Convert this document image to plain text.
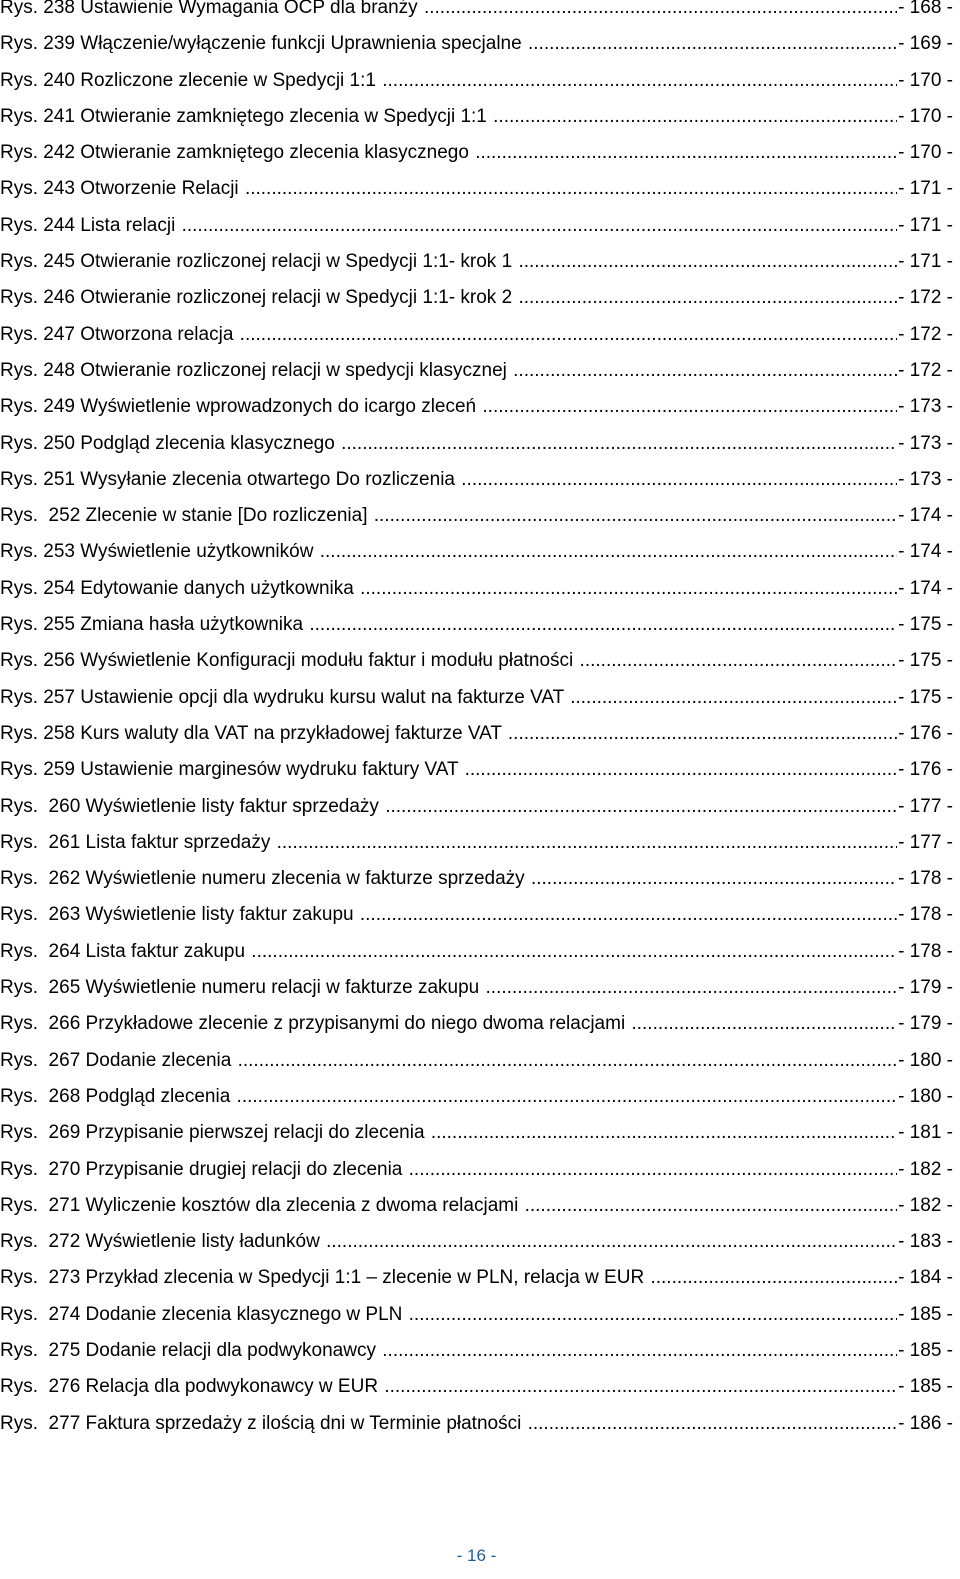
Rys. 238 Ustawienie Wymagania OCP dla branży .....	- 168 -
Rys. 239 Włączenie/wyłączenie funkcji Uprawnienia specjalne .....	- 169 -
Rys. 240 Rozliczone zlecenie w Spedycji 1:1 .....	- 170 -
Rys. 241 Otwieranie zamkniętego zlecenia w Spedycji 1:1 .....	- 170 -
Rys. 242 Otwieranie zamkniętego zlecenia klasycznego .....	- 170 -
Rys. 243 Otworzenie Relacji .....	- 171 -
Rys. 244 Lista relacji .....	- 171 -
Rys. 245 Otwieranie rozliczonej relacji w Spedycji 1:1- krok 1 .....	- 171 -
Rys. 246 Otwieranie rozliczonej relacji w Spedycji 1:1- krok 2 .....	- 172 -
Rys. 247 Otworzona relacja .....	- 172 -
Rys. 248 Otwieranie rozliczonej relacji w spedycji klasycznej .....	- 172 -
Rys. 249 Wyświetlenie wprowadzonych do icargo zleceń .....	- 173 -
Rys. 250 Podgląd zlecenia klasycznego .....	- 173 -
Rys. 251 Wysyłanie zlecenia otwartego Do rozliczenia .....	- 173 -
Rys.  252 Zlecenie w stanie [Do rozliczenia] .....	- 174 -
Rys. 253 Wyświetlenie użytkowników .....	- 174 -
Rys. 254 Edytowanie danych użytkownika .....	- 174 -
Rys. 255 Zmiana hasła użytkownika .....	- 175 -
Rys. 256 Wyświetlenie Konfiguracji modułu faktur i modułu płatności .....	- 175 -
Rys. 257 Ustawienie opcji dla wydruku kursu walut na fakturze VAT .....	- 175 -
Rys. 258 Kurs waluty dla VAT na przykładowej fakturze VAT .....	- 176 -
Rys. 259 Ustawienie marginesów wydruku faktury VAT .....	- 176 -
Rys.  260 Wyświetlenie listy faktur sprzedaży .....	- 177 -
Rys.  261 Lista faktur sprzedaży .....	- 177 -
Rys.  262 Wyświetlenie numeru zlecenia w fakturze sprzedaży .....	- 178 -
Rys.  263 Wyświetlenie listy faktur zakupu .....	- 178 -
Rys.  264 Lista faktur zakupu .....	- 178 -
Rys.  265 Wyświetlenie numeru relacji w fakturze zakupu .....	- 179 -
Rys.  266 Przykładowe zlecenie z przypisanymi do niego dwoma relacjami .....	- 179 -
Rys.  267 Dodanie zlecenia .....	- 180 -
Rys.  268 Podgląd zlecenia .....	- 180 -
Rys.  269 Przypisanie pierwszej relacji do zlecenia .....	- 181 -
Rys.  270 Przypisanie drugiej relacji do zlecenia .....	- 182 -
Rys.  271 Wyliczenie kosztów dla zlecenia z dwoma relacjami .....	- 182 -
Rys.  272 Wyświetlenie listy ładunków .....	- 183 -
Rys.  273 Przykład zlecenia w Spedycji 1:1 – zlecenie w PLN, relacja w EUR .....	- 184 -
Rys.  274 Dodanie zlecenia klasycznego w PLN .....	- 185 -
Rys.  275 Dodanie relacji dla podwykonawcy .....	- 185 -
Rys.  276 Relacja dla podwykonawcy w EUR .....	- 185 -
Rys.  277 Faktura sprzedaży z ilością dni w Terminie płatności .....	- 186 -
- 16 -
